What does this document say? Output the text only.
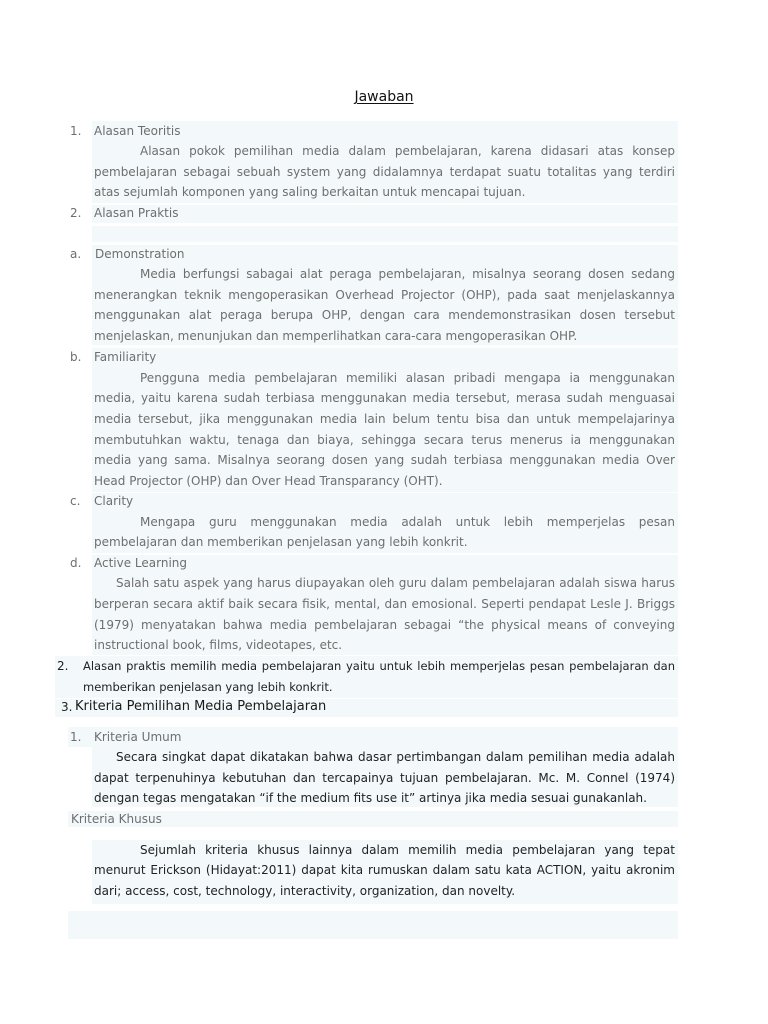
Jawaban
1. Alasan Teoritis
Alasan pokok pemilihan media dalam pembelajaran, karena didasari atas konsep
pembelajaran sebagai sebuah system yang didalamnya terdapat suatu totalitas yang terdiri
atas sejumlah komponen yang saling berkaitan untuk mencapai tujuan.
2. Alasan Praktis
a. Demonstration
Media berfungsi sabagai alat peraga pembelajaran, misalnya seorang dosen sedang
menerangkan teknik mengoperasikan Overhead Projector (OHP), pada saat menjelaskannya
menggunakan alat peraga berupa OHP, dengan cara mendemonstrasikan dosen tersebut
menjelaskan, menunjukan dan memperlihatkan cara-cara mengoperasikan OHP.
b. Familiarity
Pengguna media pembelajaran memiliki alasan pribadi mengapa ia menggunakan
media, yaitu karena sudah terbiasa menggunakan media tersebut, merasa sudah menguasai
media tersebut, jika menggunakan media lain belum tentu bisa dan untuk mempelajarinya
membutuhkan waktu, tenaga dan biaya, sehingga secara terus menerus ia menggunakan
media yang sama. Misalnya seorang dosen yang sudah terbiasa menggunakan media Over
Head Projector (OHP) dan Over Head Transparancy (OHT).
c. Clarity
Mengapa guru menggunakan media adalah untuk lebih memperjelas pesan
pembelajaran dan memberikan penjelasan yang lebih konkrit.
d. Active Learning
Salah satu aspek yang harus diupayakan oleh guru dalam pembelajaran adalah siswa harus
berperan secara aktif baik secara fisik, mental, dan emosional. Seperti pendapat Lesle J. Briggs
(1979) menyatakan bahwa media pembelajaran sebagai “the physical means of conveying
instructional book, films, videotapes, etc.
2. Alasan praktis memilih media pembelajaran yaitu untuk lebih memperjelas pesan pembelajaran dan
memberikan penjelasan yang lebih konkrit.
3. Kriteria Pemilihan Media Pembelajaran
1. Kriteria Umum
Secara singkat dapat dikatakan bahwa dasar pertimbangan dalam pemilihan media adalah
dapat terpenuhinya kebutuhan dan tercapainya tujuan pembelajaran. Mc. M. Connel (1974)
dengan tegas mengatakan “if the medium fits use it” artinya jika media sesuai gunakanlah.
Kriteria Khusus
Sejumlah kriteria khusus lainnya dalam memilih media pembelajaran yang tepat
menurut Erickson (Hidayat:2011) dapat kita rumuskan dalam satu kata ACTION, yaitu akronim
dari; access, cost, technology, interactivity, organization, dan novelty.
